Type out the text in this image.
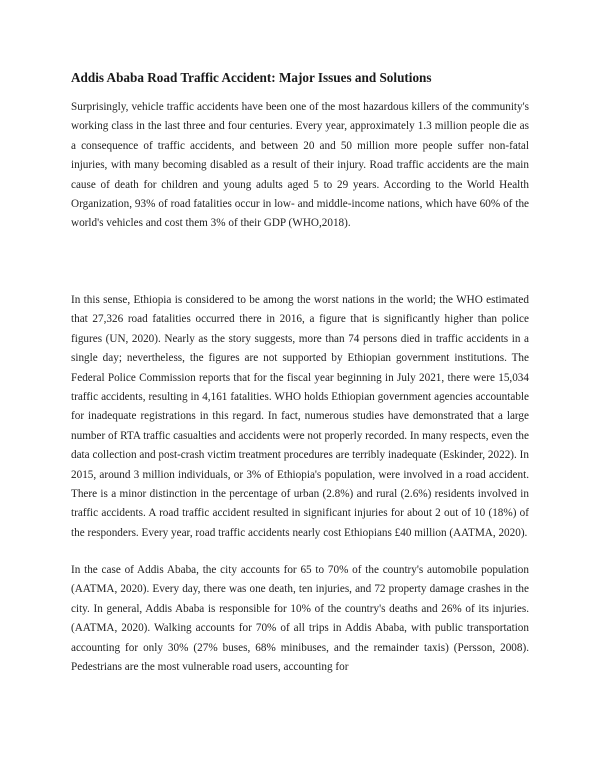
Addis Ababa Road Traffic Accident: Major Issues and Solutions

Surprisingly, vehicle traffic accidents have been one of the most hazardous killers of the community's working class in the last three and four centuries. Every year, approximately 1.3 million people die as a consequence of traffic accidents, and between 20 and 50 million more people suffer non-fatal injuries, with many becoming disabled as a result of their injury. Road traffic accidents are the main cause of death for children and young adults aged 5 to 29 years. According to the World Health Organization, 93% of road fatalities occur in low- and middle-income nations, which have 60% of the world's vehicles and cost them 3% of their GDP (WHO,2018).

In this sense, Ethiopia is considered to be among the worst nations in the world; the WHO estimated that 27,326 road fatalities occurred there in 2016, a figure that is significantly higher than police figures (UN, 2020). Nearly as the story suggests, more than 74 persons died in traffic accidents in a single day; nevertheless, the figures are not supported by Ethiopian government institutions. The Federal Police Commission reports that for the fiscal year beginning in July 2021, there were 15,034 traffic accidents, resulting in 4,161 fatalities. WHO holds Ethiopian government agencies accountable for inadequate registrations in this regard. In fact, numerous studies have demonstrated that a large number of RTA traffic casualties and accidents were not properly recorded. In many respects, even the data collection and post-crash victim treatment procedures are terribly inadequate (Eskinder, 2022). In 2015, around 3 million individuals, or 3% of Ethiopia's population, were involved in a road accident. There is a minor distinction in the percentage of urban (2.8%) and rural (2.6%) residents involved in traffic accidents. A road traffic accident resulted in significant injuries for about 2 out of 10 (18%) of the responders. Every year, road traffic accidents nearly cost Ethiopians £40 million (AATMA, 2020).

In the case of Addis Ababa, the city accounts for 65 to 70% of the country's automobile population (AATMA, 2020). Every day, there was one death, ten injuries, and 72 property damage crashes in the city. In general, Addis Ababa is responsible for 10% of the country's deaths and 26% of its injuries. (AATMA, 2020). Walking accounts for 70% of all trips in Addis Ababa, with public transportation accounting for only 30% (27% buses, 68% minibuses, and the remainder taxis) (Persson, 2008). Pedestrians are the most vulnerable road users, accounting for
